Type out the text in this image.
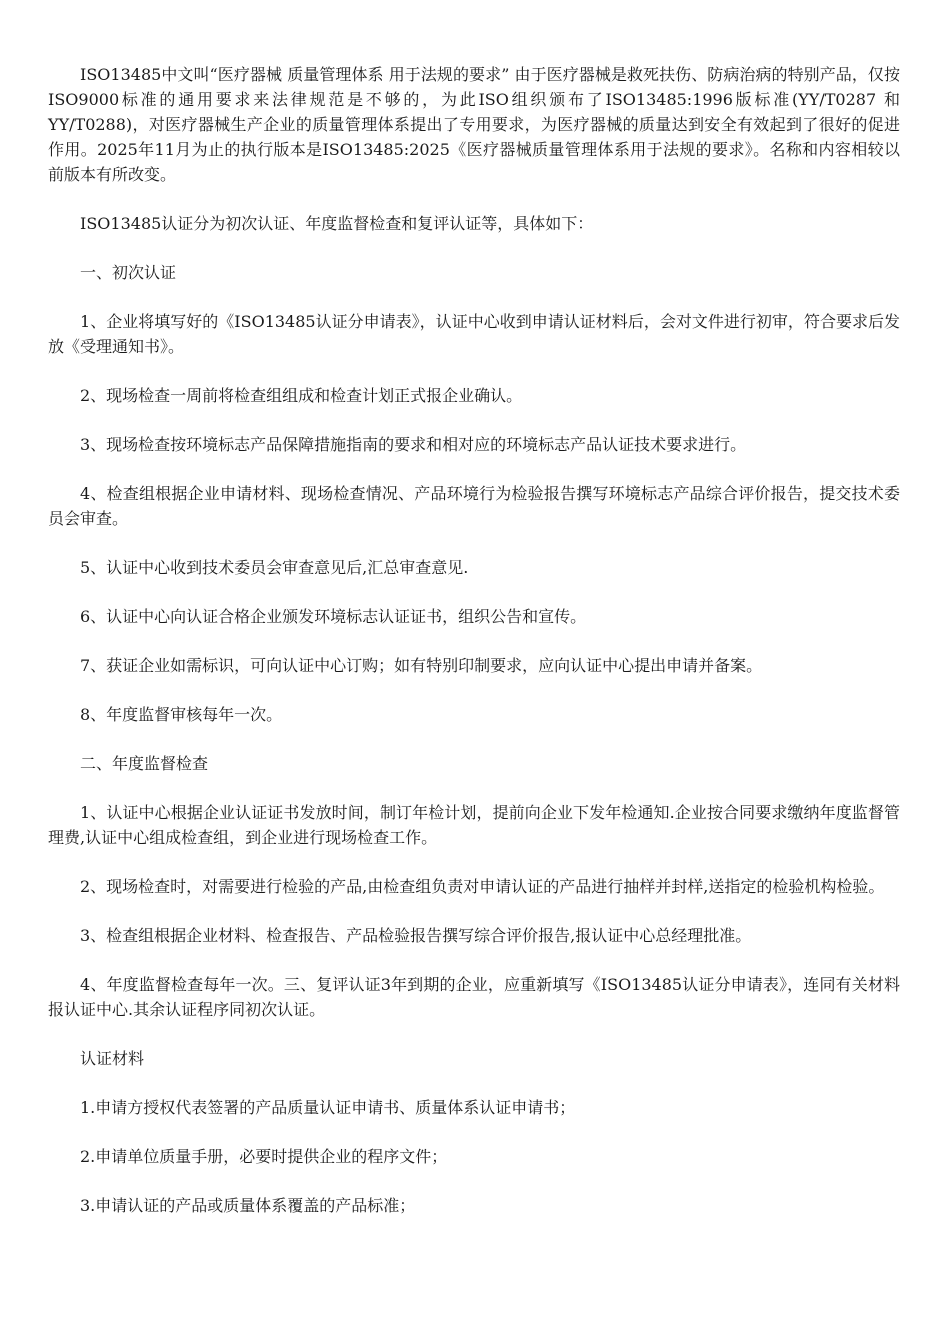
ISO13485中文叫“医疗器械 质量管理体系 用于法规的要求” 由于医疗器械是救死扶伤、防病治病的特别产品，仅按ISO9000标准的通用要求来法律规范是不够的，为此ISO组织颁布了ISO13485:1996版标准(YY/T0287 和YY/T0288)，对医疗器械生产企业的质量管理体系提出了专用要求，为医疗器械的质量达到安全有效起到了很好的促进作用。2025年11月为止的执行版本是ISO13485:2025《医疗器械质量管理体系用于法规的要求》。名称和内容相较以前版本有所改变。

ISO13485认证分为初次认证、年度监督检查和复评认证等，具体如下：

一、初次认证

1、企业将填写好的《ISO13485认证分申请表》，认证中心收到申请认证材料后，会对文件进行初审，符合要求后发放《受理通知书》。

2、现场检查一周前将检查组组成和检查计划正式报企业确认。

3、现场检查按环境标志产品保障措施指南的要求和相对应的环境标志产品认证技术要求进行。

4、检查组根据企业申请材料、现场检查情况、产品环境行为检验报告撰写环境标志产品综合评价报告，提交技术委员会审查。

5、认证中心收到技术委员会审查意见后,汇总审查意见.

6、认证中心向认证合格企业颁发环境标志认证证书，组织公告和宣传。

7、获证企业如需标识，可向认证中心订购；如有特别印制要求，应向认证中心提出申请并备案。

8、年度监督审核每年一次。

二、年度监督检查

1、认证中心根据企业认证证书发放时间，制订年检计划，提前向企业下发年检通知.企业按合同要求缴纳年度监督管理费,认证中心组成检查组，到企业进行现场检查工作。

2、现场检查时，对需要进行检验的产品,由检查组负责对申请认证的产品进行抽样并封样,送指定的检验机构检验。

3、检查组根据企业材料、检查报告、产品检验报告撰写综合评价报告,报认证中心总经理批准。

4、年度监督检查每年一次。三、复评认证3年到期的企业，应重新填写《ISO13485认证分申请表》，连同有关材料报认证中心.其余认证程序同初次认证。

认证材料

1.申请方授权代表签署的产品质量认证申请书、质量体系认证申请书；

2.申请单位质量手册，必要时提供企业的程序文件；

3.申请认证的产品或质量体系覆盖的产品标准；
